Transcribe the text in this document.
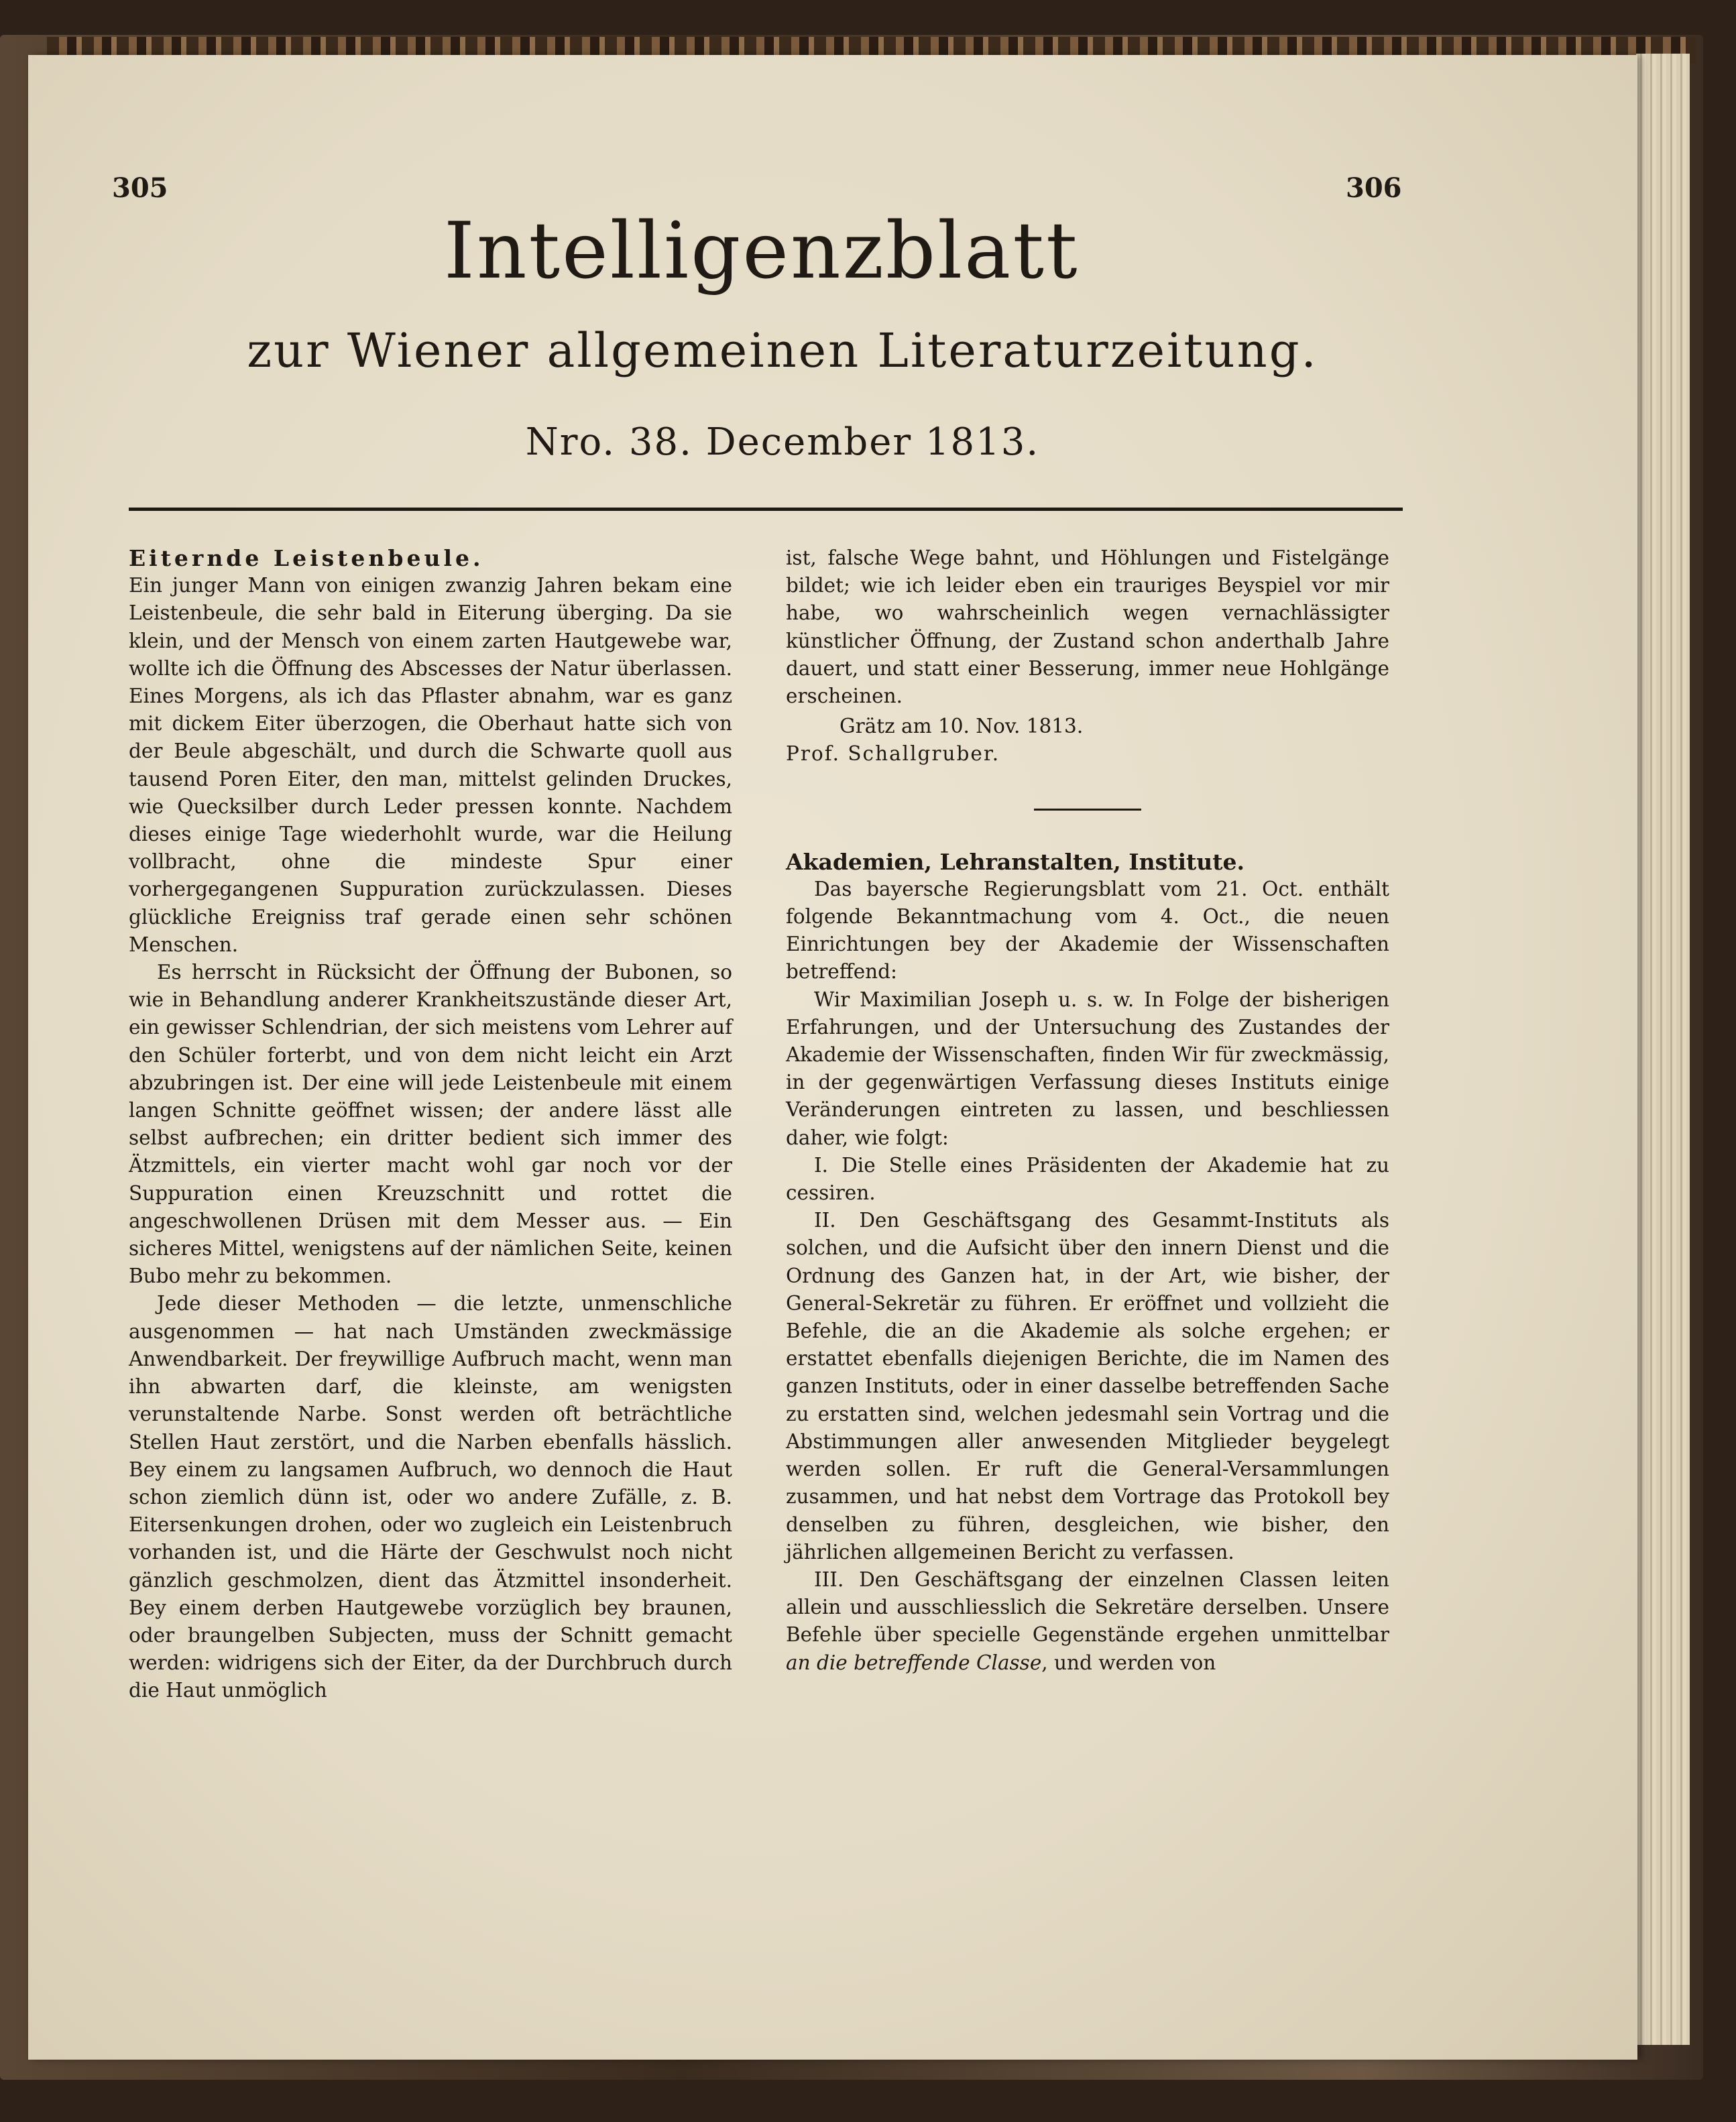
305	306
Intelligenzblatt
zur Wiener allgemeinen Literaturzeitung.
Nro. 38. December 1813.

Eiternde Leistenbeule.

Ein junger Mann von einigen zwanzig Jahren bekam eine Leistenbeule, die sehr bald in Eiterung überging. Da sie klein, und der Mensch von einem zarten Hautgewebe war, wollte ich die Öffnung des Abscesses der Natur überlassen. Eines Morgens, als ich das Pflaster abnahm, war es ganz mit dickem Eiter überzogen, die Oberhaut hatte sich von der Beule abgeschält, und durch die Schwarte quoll aus tausend Poren Eiter, den man, mittelst gelinden Druckes, wie Quecksilber durch Leder pressen konnte. Nachdem dieses einige Tage wiederhohlt wurde, war die Heilung vollbracht, ohne die mindeste Spur einer vorhergegangenen Suppuration zurückzulassen. Dieses glückliche Ereigniss traf gerade einen sehr schönen Menschen.

Es herrscht in Rücksicht der Öffnung der Bubonen, so wie in Behandlung anderer Krankheitszustände dieser Art, ein gewisser Schlendrian, der sich meistens vom Lehrer auf den Schüler forterbt, und von dem nicht leicht ein Arzt abzubringen ist. Der eine will jede Leistenbeule mit einem langen Schnitte geöffnet wissen; der andere lässt alle selbst aufbrechen; ein dritter bedient sich immer des Ätzmittels, ein vierter macht wohl gar noch vor der Suppuration einen Kreuzschnitt und rottet die angeschwollenen Drüsen mit dem Messer aus. — Ein sicheres Mittel, wenigstens auf der nämlichen Seite, keinen Bubo mehr zu bekommen.

Jede dieser Methoden — die letzte, unmenschliche ausgenommen — hat nach Umständen zweckmässige Anwendbarkeit. Der freywillige Aufbruch macht, wenn man ihn abwarten darf, die kleinste, am wenigsten verunstaltende Narbe. Sonst werden oft beträchtliche Stellen Haut zerstört, und die Narben ebenfalls hässlich. Bey einem zu langsamen Aufbruch, wo dennoch die Haut schon ziemlich dünn ist, oder wo andere Zufälle, z. B. Eitersenkungen drohen, oder wo zugleich ein Leistenbruch vorhanden ist, und die Härte der Geschwulst noch nicht gänzlich geschmolzen, dient das Ätzmittel insonderheit. Bey einem derben Hautgewebe vorzüglich bey braunen, oder braungelben Subjecten, muss der Schnitt gemacht werden: widrigens sich der Eiter, da der Durchbruch durch die Haut unmöglich

ist, falsche Wege bahnt, und Höhlungen und Fistelgänge bildet; wie ich leider eben ein trauriges Beyspiel vor mir habe, wo wahrscheinlich wegen vernachlässigter künstlicher Öffnung, der Zustand schon anderthalb Jahre dauert, und statt einer Besserung, immer neue Hohlgänge erscheinen.

Grätz am 10. Nov. 1813.

Prof. Schallgruber.

Akademien, Lehranstalten, Institute.

Das bayersche Regierungsblatt vom 21. Oct. enthält folgende Bekanntmachung vom 4. Oct., die neuen Einrichtungen bey der Akademie der Wissenschaften betreffend:

Wir Maximilian Joseph u. s. w. In Folge der bisherigen Erfahrungen, und der Untersuchung des Zustandes der Akademie der Wissenschaften, finden Wir für zweckmässig, in der gegenwärtigen Verfassung dieses Instituts einige Veränderungen eintreten zu lassen, und beschliessen daher, wie folgt:

I. Die Stelle eines Präsidenten der Akademie hat zu cessiren.

II. Den Geschäftsgang des Gesammt-Instituts als solchen, und die Aufsicht über den innern Dienst und die Ordnung des Ganzen hat, in der Art, wie bisher, der General-Sekretär zu führen. Er eröffnet und vollzieht die Befehle, die an die Akademie als solche ergehen; er erstattet ebenfalls diejenigen Berichte, die im Namen des ganzen Instituts, oder in einer dasselbe betreffenden Sache zu erstatten sind, welchen jedesmahl sein Vortrag und die Abstimmungen aller anwesenden Mitglieder beygelegt werden sollen. Er ruft die General-Versammlungen zusammen, und hat nebst dem Vortrage das Protokoll bey denselben zu führen, desgleichen, wie bisher, den jährlichen allgemeinen Bericht zu verfassen.

III. Den Geschäftsgang der einzelnen Classen leiten allein und ausschliesslich die Sekretäre derselben. Unsere Befehle über specielle Gegenstände ergehen unmittelbar an die betreffende Classe, und werden von
